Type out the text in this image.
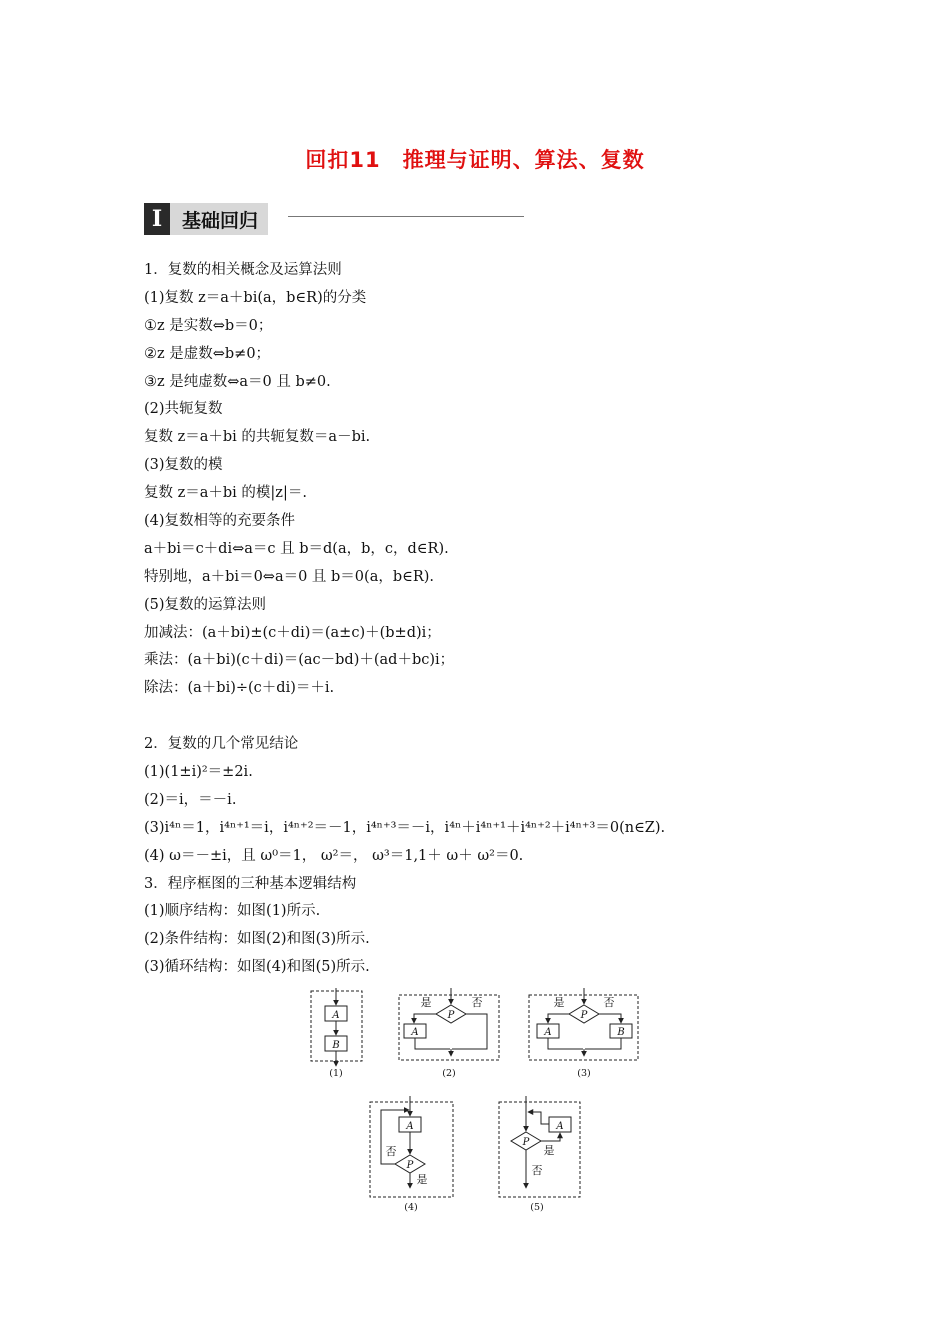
回扣11　推理与证明、算法、复数
I	基础回归
1．复数的相关概念及运算法则
(1)复数 z＝a＋bi(a，b∈R)的分类
①z 是实数⇔b＝0；
②z 是虚数⇔b≠0；
③z 是纯虚数⇔a＝0 且 b≠0.
(2)共轭复数
复数 z＝a＋bi 的共轭复数＝a－bi.
(3)复数的模
复数 z＝a＋bi 的模|z|＝.
(4)复数相等的充要条件
a＋bi＝c＋di⇔a＝c 且 b＝d(a，b，c，d∈R).
特别地，a＋bi＝0⇔a＝0 且 b＝0(a，b∈R).
(5)复数的运算法则
加减法：(a＋bi)±(c＋di)＝(a±c)＋(b±d)i；
乘法：(a＋bi)(c＋di)＝(ac－bd)＋(ad＋bc)i；
除法：(a＋bi)÷(c＋di)＝＋i.
2．复数的几个常见结论
(1)(1±i)²＝±2i.
(2)＝i，＝－i.
(3)i⁴ⁿ＝1，i⁴ⁿ⁺¹＝i，i⁴ⁿ⁺²＝－1，i⁴ⁿ⁺³＝－i，i⁴ⁿ＋i⁴ⁿ⁺¹＋i⁴ⁿ⁺²＋i⁴ⁿ⁺³＝0(n∈Z).
(4) ω＝－±i，且 ω⁰＝1， ω²＝， ω³＝1,1＋ ω＋ ω²＝0.
3．程序框图的三种基本逻辑结构
(1)顺序结构：如图(1)所示.
(2)条件结构：如图(2)和图(3)所示.
(3)循环结构：如图(4)和图(5)所示.
A
B
P
A
P
A	B
A
P
A
P
是	否	是	否
否
是
是
否
(1)	(2)	(3)
(4)	(5)
